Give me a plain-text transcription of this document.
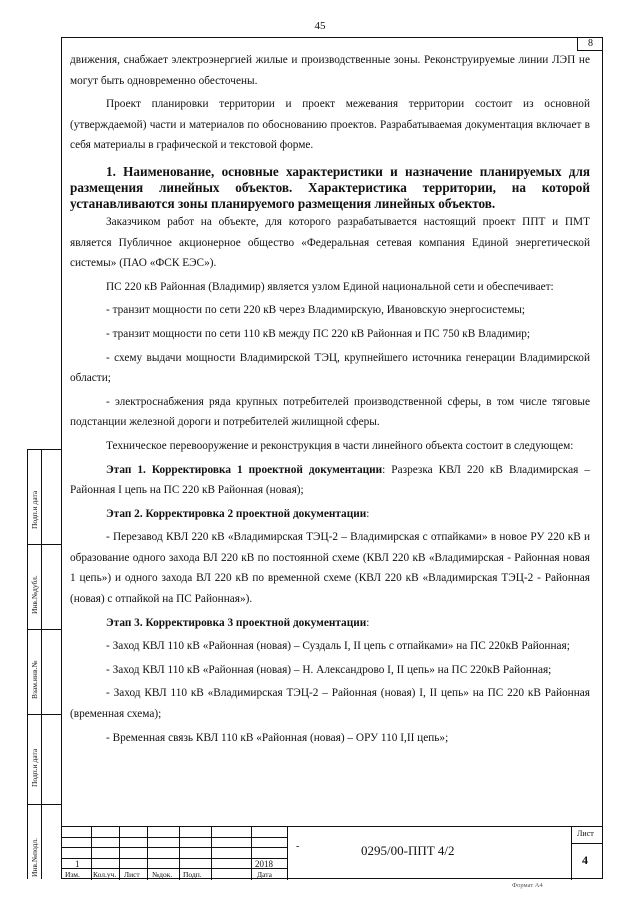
45
8

движения, снабжает электроэнергией жилые и производственные зоны. Реконструируемые линии ЛЭП не могут быть одновременно обесточены.

Проект планировки территории и проект межевания территории состоит из основной (утверждаемой) части и материалов по обоснованию проектов. Разрабатываемая документация включает в себя материалы в графической и текстовой форме.

1. Наименование, основные характеристики и назначение планируемых для размещения линейных объектов. Характеристика территории, на которой устанавливаются зоны планируемого размещения линейных объектов.

Заказчиком работ на объекте, для которого разрабатывается настоящий проект ППТ и ПМТ является Публичное акционерное общество «Федеральная сетевая компания Единой энергетической системы» (ПАО «ФСК ЕЭС»).

ПС 220 кВ Районная (Владимир) является узлом Единой национальной сети и обеспечивает:

- транзит мощности по сети 220 кВ через Владимирскую, Ивановскую энергосистемы;

- транзит мощности по сети 110 кВ между ПС 220 кВ Районная и ПС 750 кВ Владимир;

- схему выдачи мощности Владимирской ТЭЦ, крупнейшего источника генерации Владимирской области;

- электроснабжения ряда крупных потребителей производственной сферы, в том числе тяговые подстанции железной дороги и потребителей жилищной сферы.

Техническое перевооружение и реконструкция в части линейного объекта состоит в следующем:

Этап 1. Корректировка 1 проектной документации: Разрезка КВЛ 220 кВ Владимирская – Районная I цепь на ПС 220 кВ Районная (новая);

Этап 2. Корректировка 2 проектной документации:

- Перезавод КВЛ 220 кВ «Владимирская ТЭЦ-2 – Владимирская с отпайками» в новое РУ 220 кВ и образование одного захода ВЛ 220 кВ по постоянной схеме (КВЛ 220 кВ «Владимирская - Районная новая 1 цепь») и одного захода ВЛ 220 кВ по временной схеме (КВЛ 220 кВ «Владимирская ТЭЦ-2 - Районная (новая) с отпайкой на ПС Районная»).

Этап 3. Корректировка 3 проектной документации:

- Заход КВЛ 110 кВ «Районная (новая) – Суздаль I, II цепь с отпайками» на ПС 220кВ Районная;

- Заход КВЛ 110 кВ «Районная (новая) – Н. Александрово I, II цепь» на ПС 220кВ Районная;

- Заход КВЛ 110 кВ «Владимирская ТЭЦ-2 – Районная (новая) I, II цепь» на ПС 220 кВ Районная (временная схема);

- Временная связь КВЛ 110 кВ «Районная (новая) – ОРУ 110 I,II цепь»;

1	2018
Изм. Кол.уч. Лист №док. Подп.	Дата
0295/00-ППТ 4/2
Лист
4
-
Формат А4
Инв.№подл.
Подп.и дата
Взам.инв.№
Инв.№дубл.
Подп.и дата
